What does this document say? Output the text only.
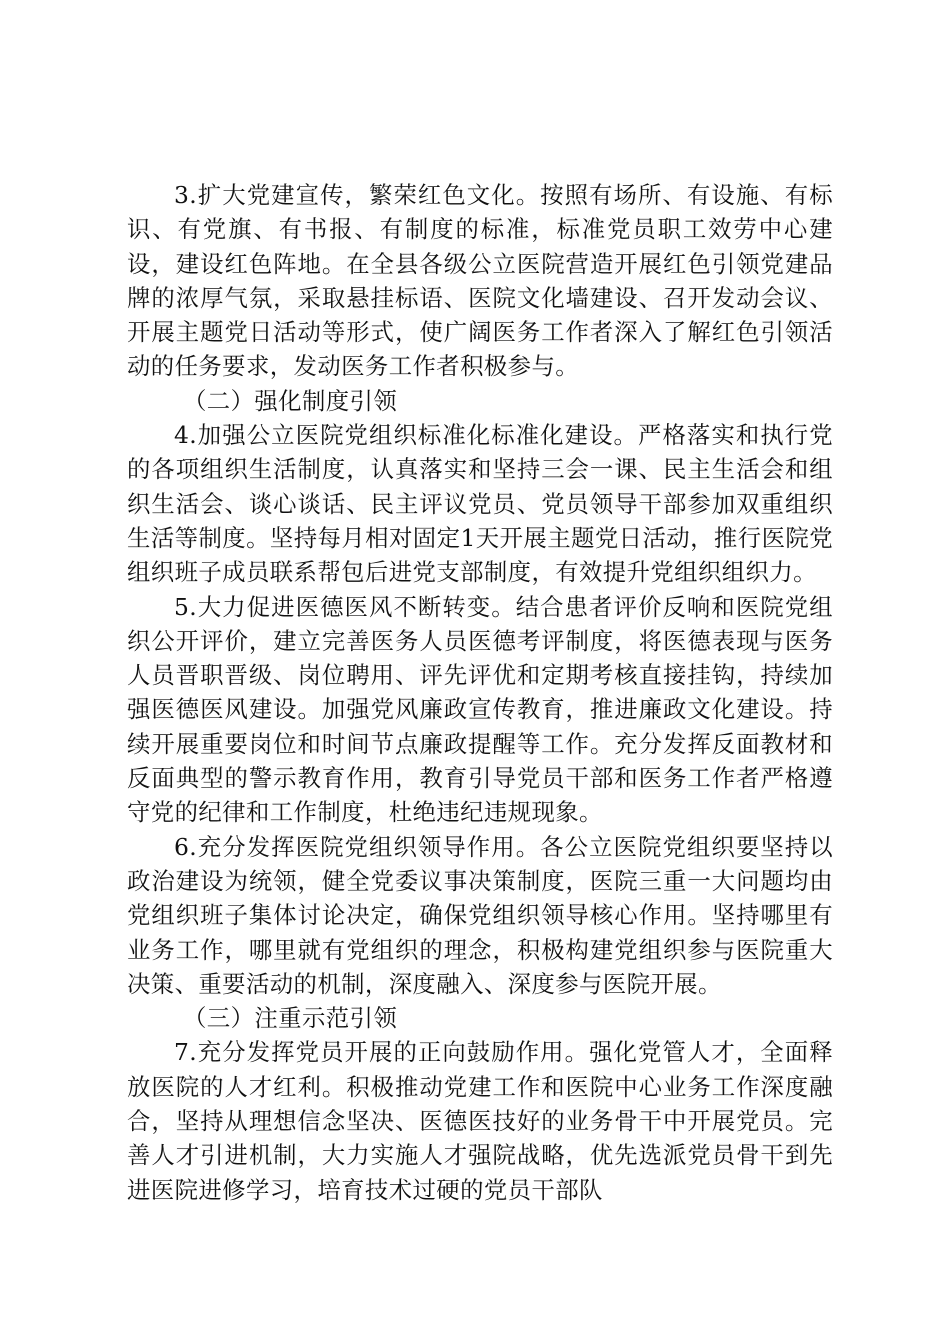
3.扩大党建宣传，繁荣红色文化。按照有场所、有设施、有标识、有党旗、有书报、有制度的标准，标准党员职工效劳中心建设，建设红色阵地。在全县各级公立医院营造开展红色引领党建品牌的浓厚气氛，采取悬挂标语、医院文化墙建设、召开发动会议、开展主题党日活动等形式，使广阔医务工作者深入了解红色引领活动的任务要求，发动医务工作者积极参与。

（二）强化制度引领

4.加强公立医院党组织标准化标准化建设。严格落实和执行党的各项组织生活制度，认真落实和坚持三会一课、民主生活会和组织生活会、谈心谈话、民主评议党员、党员领导干部参加双重组织生活等制度。坚持每月相对固定1天开展主题党日活动，推行医院党组织班子成员联系帮包后进党支部制度，有效提升党组织组织力。

5.大力促进医德医风不断转变。结合患者评价反响和医院党组织公开评价，建立完善医务人员医德考评制度，将医德表现与医务人员晋职晋级、岗位聘用、评先评优和定期考核直接挂钩，持续加强医德医风建设。加强党风廉政宣传教育，推进廉政文化建设。持续开展重要岗位和时间节点廉政提醒等工作。充分发挥反面教材和反面典型的警示教育作用，教育引导党员干部和医务工作者严格遵守党的纪律和工作制度，杜绝违纪违规现象。

6.充分发挥医院党组织领导作用。各公立医院党组织要坚持以政治建设为统领，健全党委议事决策制度，医院三重一大问题均由党组织班子集体讨论决定，确保党组织领导核心作用。坚持哪里有业务工作，哪里就有党组织的理念，积极构建党组织参与医院重大决策、重要活动的机制，深度融入、深度参与医院开展。

（三）注重示范引领

7.充分发挥党员开展的正向鼓励作用。强化党管人才，全面释放医院的人才红利。积极推动党建工作和医院中心业务工作深度融合，坚持从理想信念坚决、医德医技好的业务骨干中开展党员。完善人才引进机制，大力实施人才强院战略，优先选派党员骨干到先进医院进修学习，培育技术过硬的党员干部队
